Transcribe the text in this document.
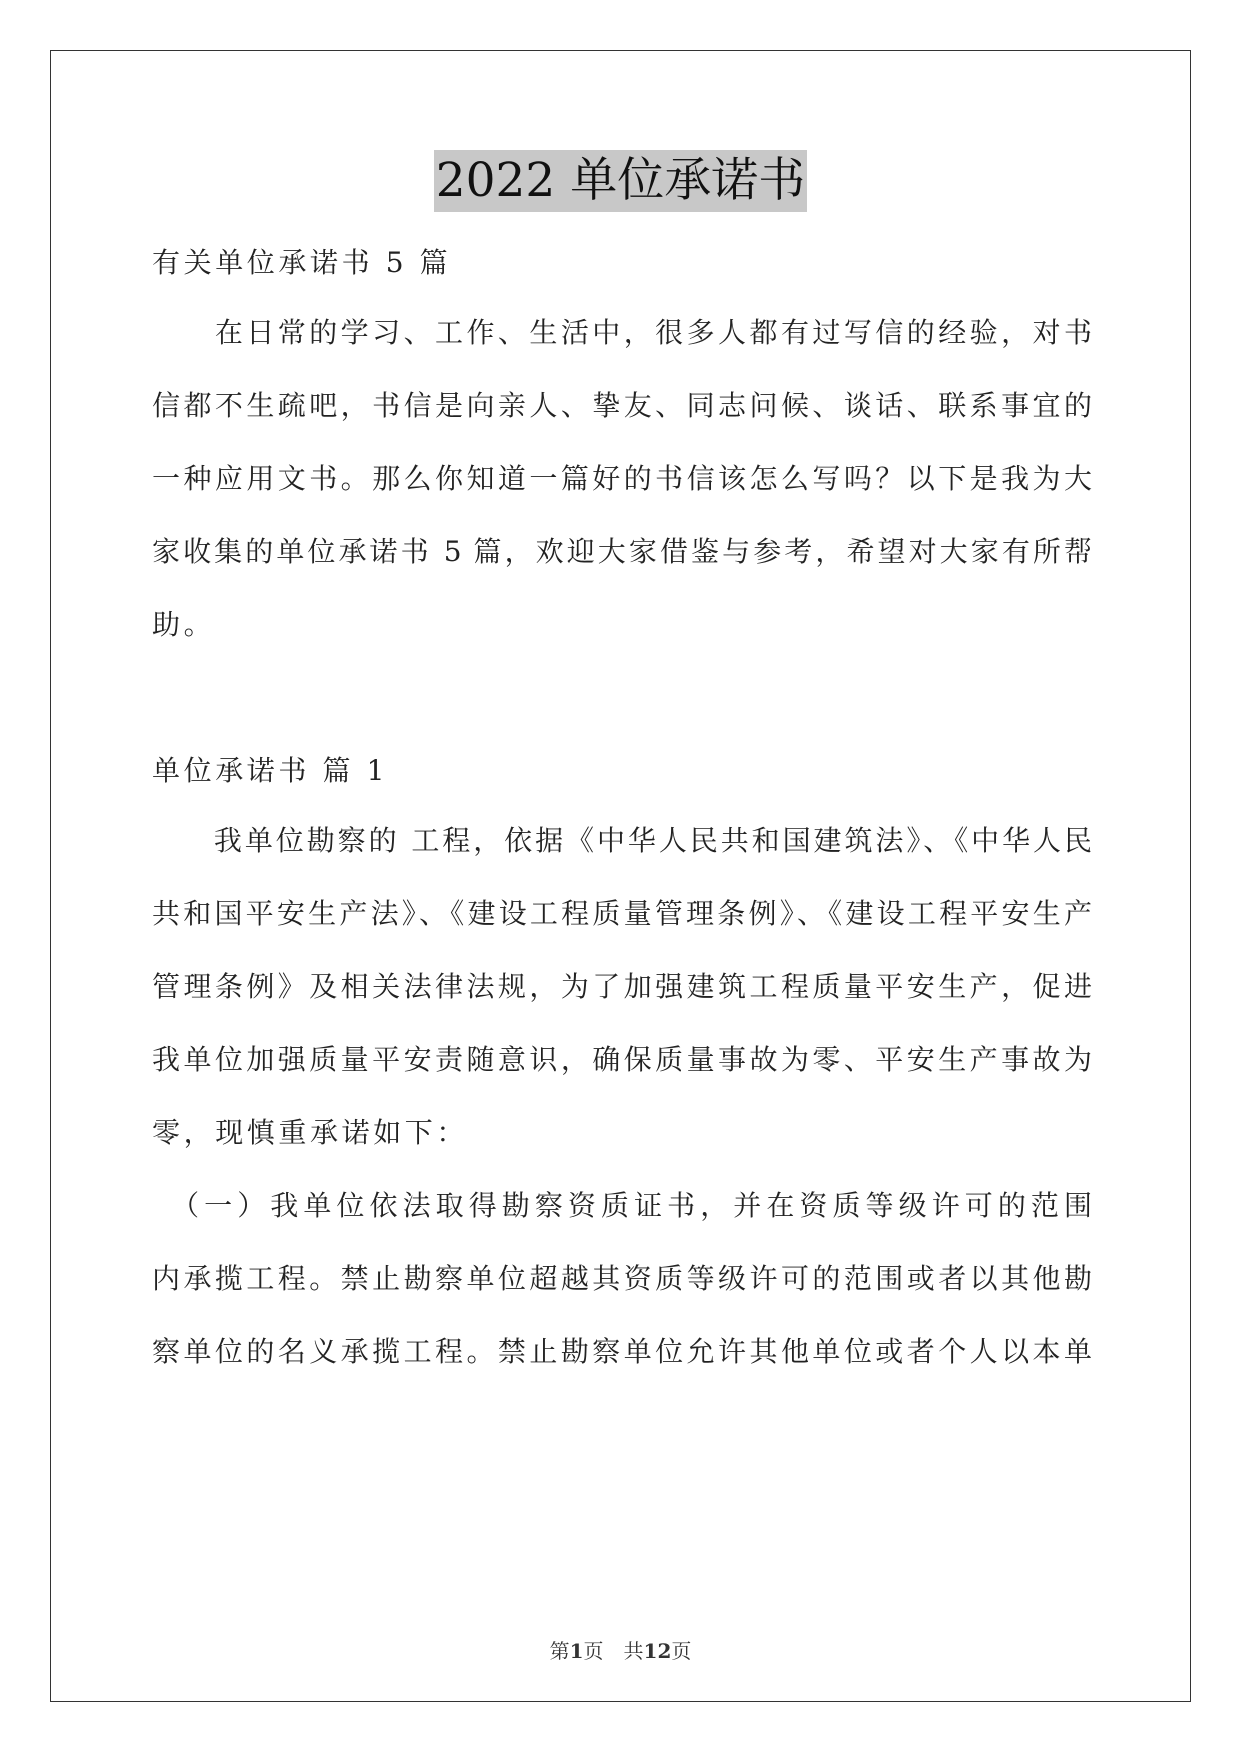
2022 单位承诺书
有关单位承诺书 5 篇
　　在日常的学习、工作、生活中，很多人都有过写信的经验，对书
信都不生疏吧，书信是向亲人、挚友、同志问候、谈话、联系事宜的
一种应用文书。那么你知道一篇好的书信该怎么写吗？以下是我为大
家收集的单位承诺书 5 篇，欢迎大家借鉴与参考，希望对大家有所帮
助。
单位承诺书 篇 1
　　我单位勘察的 工程，依据《中华人民共和国建筑法》、《中华人民
共和国平安生产法》、《建设工程质量管理条例》、《建设工程平安生产
管理条例》及相关法律法规，为了加强建筑工程质量平安生产，促进
我单位加强质量平安责随意识，确保质量事故为零、平安生产事故为
零，现慎重承诺如下：
　（一）我单位依法取得勘察资质证书，并在资质等级许可的范围
内承揽工程。禁止勘察单位超越其资质等级许可的范围或者以其他勘
察单位的名义承揽工程。禁止勘察单位允许其他单位或者个人以本单
第1页　共12页
